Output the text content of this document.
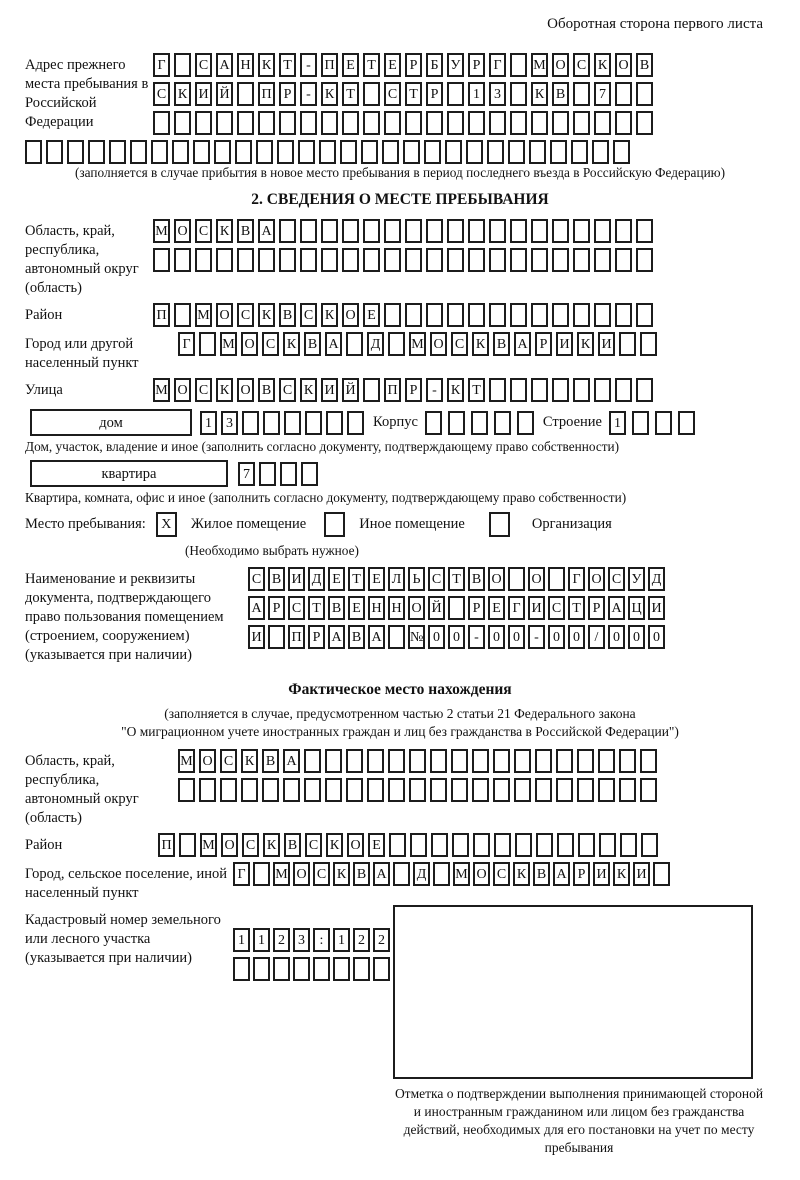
Оборотная сторона первого листа
Адрес прежнего места пребывания в Российской Федерации
Г	С А Н К Т	- П Е Т Е Р Б У Р Г	М О С К О В
С К И Й П Р	-	К Т	С Т Р	1	3	К В	7
(заполняется в случае прибытия в новое место пребывания в период последнего въезда в Российскую Федерацию)
2. СВЕДЕНИЯ О МЕСТЕ ПРЕБЫВАНИЯ
Область, край, республика, автономный округ (область)
М О С К В А
Район	П М О С К В С К О Е
Город или другой населенный пункт
Г	М О С К В А Д М О С К В А Р И К И
Улица	М О С К О В С К И Й П Р	-	К Т
дом	1	3	Корпус	Строение 1
Дом, участок, владение и иное (заполнить согласно документу, подтверждающему право собственности)
квартира	7
Квартира, комната, офис и иное (заполнить согласно документу, подтверждающему право собственности)
Место пребывания:	X	Жилое помещение	Иное помещение	Организация
(Необходимо выбрать нужное)
Наименование и реквизиты документа, подтверждающего право пользования помещением (строением, сооружением) (указывается при наличии)
С В И Д Е Т Е Л Ь С Т В О О	Г О С У Д
А Р С Т В Е Н Н О Й	Р Е Г И С Т Р А Ц И
И П Р А В А № 0 0	-	0 0	-	0 0	/	0 0 0
Фактическое место нахождения
(заполняется в случае, предусмотренном частью 2 статьи 21 Федерального закона
"О миграционном учете иностранных граждан и лиц без гражданства в Российской Федерации")
Область, край, республика, автономный округ (область)
М О С К В А
Район	П М О С К В С К О Е
Город, сельское поселение, иной населенный пункт
Г	М О С К В А Д М О С К В А Р И К И
Кадастровый номер земельного или лесного участка (указывается при наличии)
1 1 2 3	:	1 2 2
Отметка о подтверждении выполнения принимающей стороной и иностранным гражданином или лицом без гражданства действий, необходимых для его постановки на учет по месту пребывания
